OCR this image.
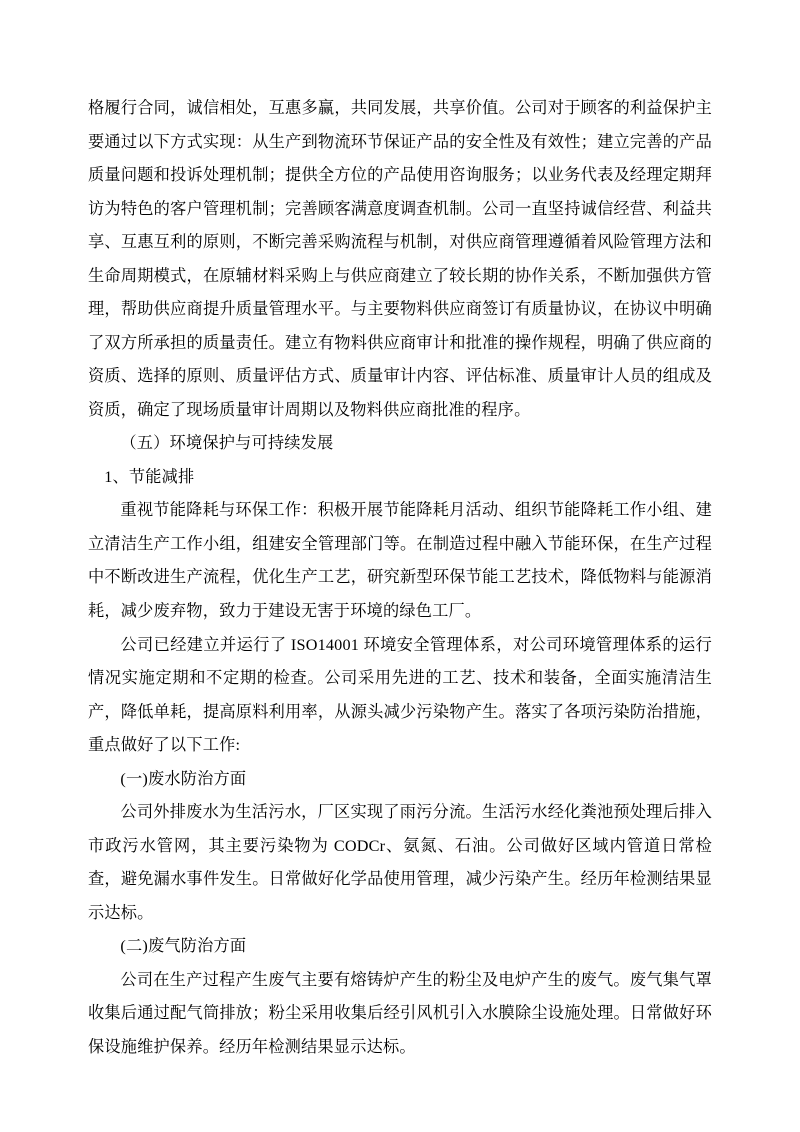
格履行合同，诚信相处，互惠多赢，共同发展，共享价值。公司对于顾客的利益保护主要通过以下方式实现：从生产到物流环节保证产品的安全性及有效性；建立完善的产品质量问题和投诉处理机制；提供全方位的产品使用咨询服务；以业务代表及经理定期拜访为特色的客户管理机制；完善顾客满意度调查机制。公司一直坚持诚信经营、利益共享、互惠互利的原则，不断完善采购流程与机制，对供应商管理遵循着风险管理方法和生命周期模式，在原辅材料采购上与供应商建立了较长期的协作关系，不断加强供方管理，帮助供应商提升质量管理水平。与主要物料供应商签订有质量协议，在协议中明确了双方所承担的质量责任。建立有物料供应商审计和批准的操作规程，明确了供应商的资质、选择的原则、质量评估方式、质量审计内容、评估标准、质量审计人员的组成及资质，确定了现场质量审计周期以及物料供应商批准的程序。

（五）环境保护与可持续发展

1、节能减排

重视节能降耗与环保工作：积极开展节能降耗月活动、组织节能降耗工作小组、建立清洁生产工作小组，组建安全管理部门等。在制造过程中融入节能环保，在生产过程中不断改进生产流程，优化生产工艺，研究新型环保节能工艺技术，降低物料与能源消耗，减少废弃物，致力于建设无害于环境的绿色工厂。

公司已经建立并运行了 ISO14001 环境安全管理体系，对公司环境管理体系的运行情况实施定期和不定期的检查。公司采用先进的工艺、技术和装备，全面实施清洁生产，降低单耗，提高原料利用率，从源头减少污染物产生。落实了各项污染防治措施，重点做好了以下工作:

(一)废水防治方面

公司外排废水为生活污水，厂区实现了雨污分流。生活污水经化粪池预处理后排入市政污水管网，其主要污染物为 CODCr、氨氮、石油。公司做好区域内管道日常检查，避免漏水事件发生。日常做好化学品使用管理，减少污染产生。经历年检测结果显示达标。

(二)废气防治方面

公司在生产过程产生废气主要有熔铸炉产生的粉尘及电炉产生的废气。废气集气罩收集后通过配气筒排放；粉尘采用收集后经引风机引入水膜除尘设施处理。日常做好环保设施维护保养。经历年检测结果显示达标。
